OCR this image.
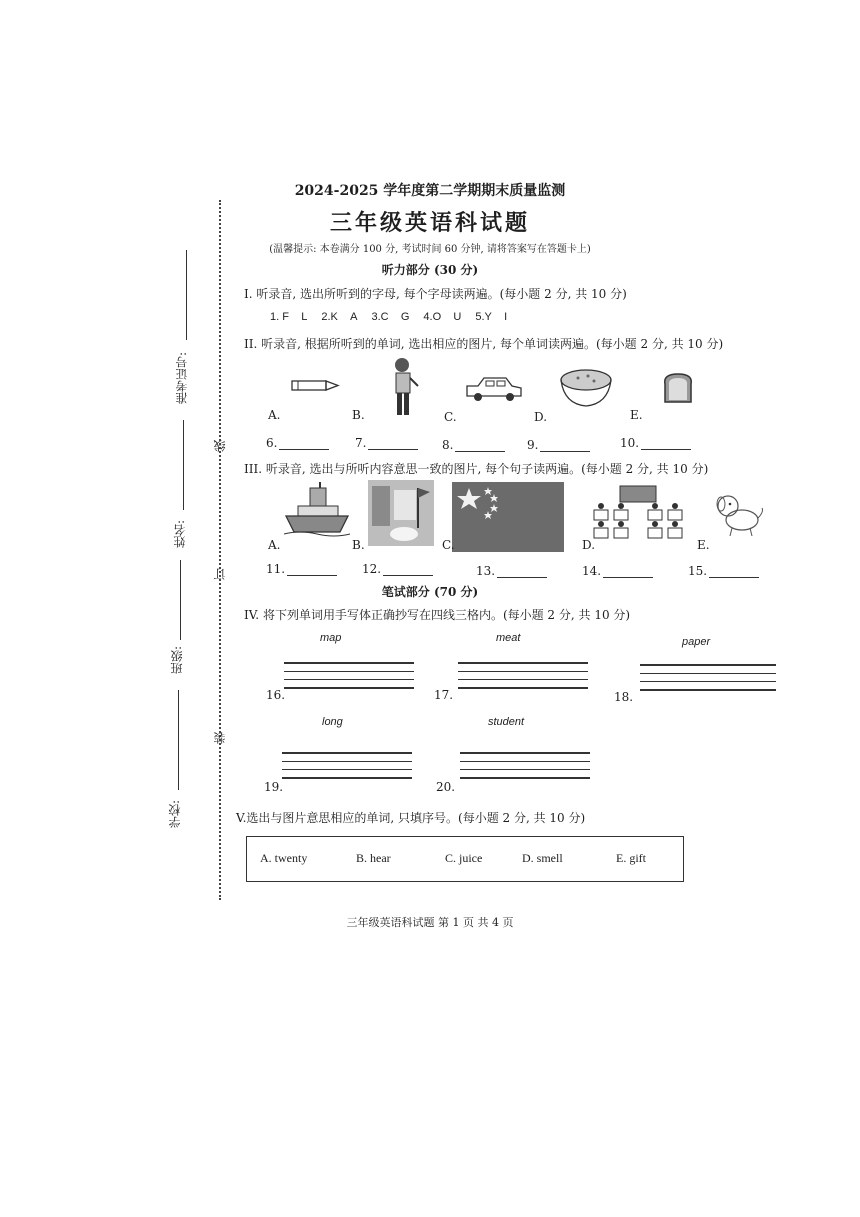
线
订
装
准考证号:
姓名:
班级:
学校:
2024-2025 学年度第二学期期末质量监测
三年级英语科试题
(温馨提示: 本卷满分 100 分, 考试时间 60 分钟, 请将答案写在答题卡上)
听力部分 (30 分)
I. 听录音, 选出所听到的字母, 每个字母读两遍。(每小题 2 分, 共 10 分)
1. F L 2.K A 3.C G 4.O U 5.Y I
II. 听录音, 根据所听到的单词, 选出相应的图片, 每个单词读两遍。(每小题 2 分, 共 10 分)
A.	B.	C.	D.	E.
6.	7.	8.	9.	10.
III. 听录音, 选出与所听内容意思一致的图片, 每个句子读两遍。(每小题 2 分, 共 10 分)
A.	B.	C.	D.	E.
11.	12.	13.	14.	15.
笔试部分 (70 分)
IV. 将下列单词用手写体正确抄写在四线三格内。(每小题 2 分, 共 10 分)
map
16.
meat
17.
paper
18.
long
19.
student
20.
V.选出与图片意思相应的单词, 只填序号。(每小题 2 分, 共 10 分)
A. twenty	B. hear	C. juice	D. smell	E. gift
三年级英语科试题 第 1 页 共 4 页
